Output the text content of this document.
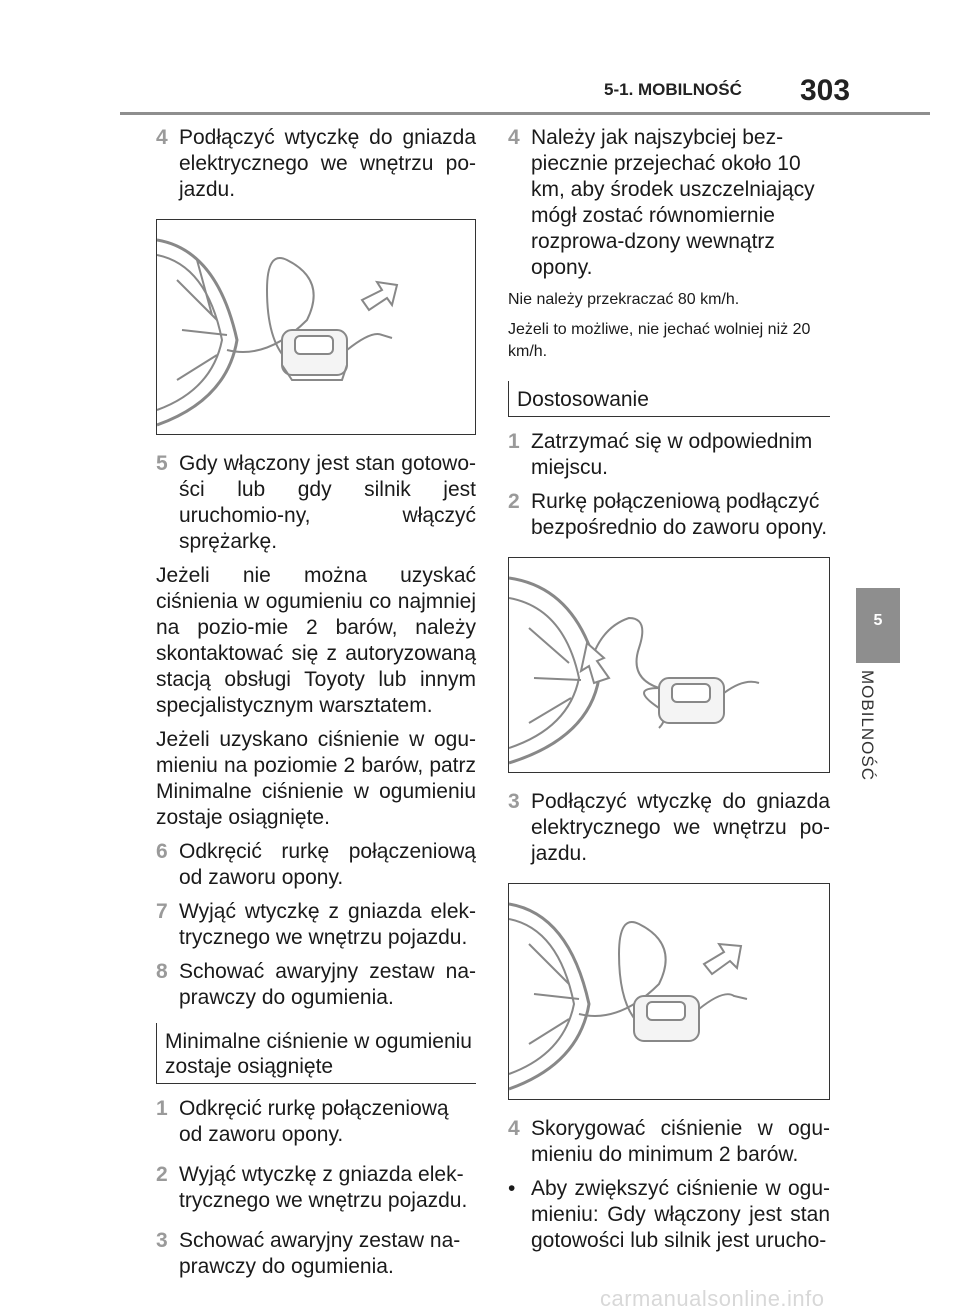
5-1. MOBILNOŚĆ 303
5
MOBILNOŚĆ
4 Podłączyć wtyczkę do gniazda elektrycznego we wnętrzu po-jazdu.
5 Gdy włączony jest stan gotowo-ści lub gdy silnik jest uruchomio-ny, włączyć sprężarkę.

Jeżeli nie można uzyskać ciśnienia w ogumieniu co najmniej na pozio-mie 2 barów, należy skontaktować się z autoryzowaną stacją obsługi Toyoty lub innym specjalistycznym warsztatem.

Jeżeli uzyskano ciśnienie w ogu-mieniu na poziomie 2 barów, patrz Minimalne ciśnienie w ogumieniu zostaje osiągnięte.

6 Odkręcić rurkę połączeniową od zaworu opony.
7 Wyjąć wtyczkę z gniazda elek-trycznego we wnętrzu pojazdu.
8 Schować awaryjny zestaw na-prawczy do ogumienia.
Minimalne ciśnienie w ogumieniu
zostaje osiągnięte
1 Odkręcić rurkę połączeniową od zaworu opony.
2 Wyjąć wtyczkę z gniazda elek-trycznego we wnętrzu pojazdu.
3 Schować awaryjny zestaw na-prawczy do ogumienia.
4 Należy jak najszybciej bez-piecznie przejechać około 10 km, aby środek uszczelniający mógł zostać równomiernie rozprowa-dzony wewnątrz opony.

Nie należy przekraczać 80 km/h.

Jeżeli to możliwe, nie jechać wolniej niż 20 km/h.

Dostosowanie
1 Zatrzymać się w odpowiednim miejscu.
2 Rurkę połączeniową podłączyć bezpośrednio do zaworu opony.
3 Podłączyć wtyczkę do gniazda elektrycznego we wnętrzu po-jazdu.
4 Skorygować ciśnienie w ogu-mieniu do minimum 2 barów.
• Aby zwiększyć ciśnienie w ogu-mieniu: Gdy włączony jest stan gotowości lub silnik jest urucho-
carmanualsonline.info
